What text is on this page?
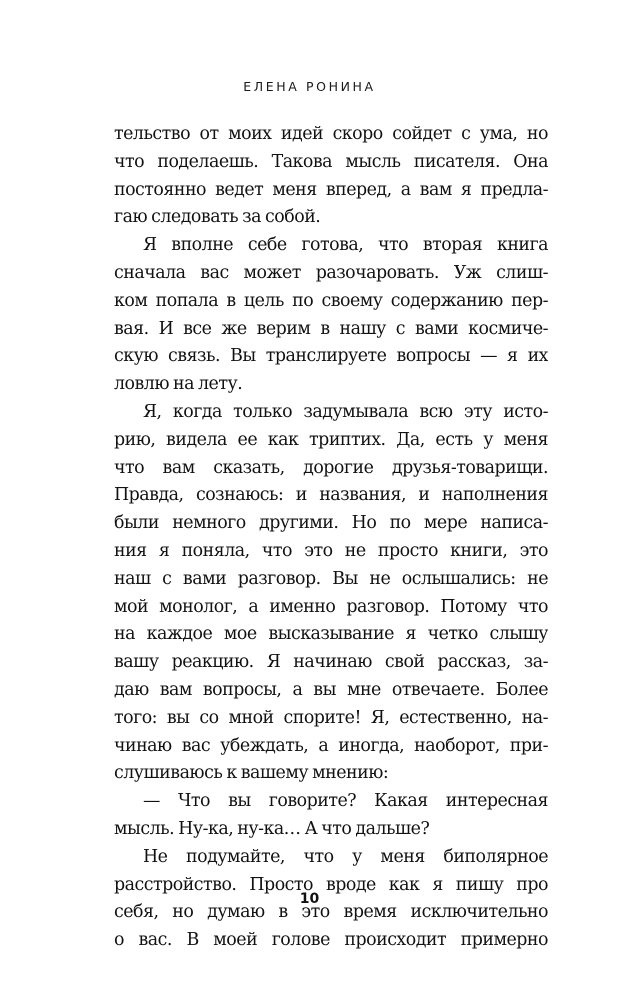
ЕЛЕНА РОНИНА
тельство от моих идей скоро сойдет с ума, но
что поделаешь. Такова мысль писателя. Она
постоянно ведет меня вперед, а вам я предла-
гаю следовать за собой.
Я вполне себе готова, что вторая книга
сначала вас может разочаровать. Уж слиш-
ком попала в цель по своему содержанию пер-
вая. И все же верим в нашу с вами космиче-
скую связь. Вы транслируете вопросы — я их
ловлю на лету.
Я, когда только задумывала всю эту исто-
рию, видела ее как триптих. Да, есть у меня
что вам сказать, дорогие друзья-товарищи.
Правда, сознаюсь: и названия, и наполнения
были немного другими. Но по мере написа-
ния я поняла, что это не просто книги, это
наш с вами разговор. Вы не ослышались: не
мой монолог, а именно разговор. Потому что
на каждое мое высказывание я четко слышу
вашу реакцию. Я начинаю свой рассказ, за-
даю вам вопросы, а вы мне отвечаете. Более
того: вы со мной спорите! Я, естественно, на-
чинаю вас убеждать, а иногда, наоборот, при-
слушиваюсь к вашему мнению:
— Что вы говорите? Какая интересная
мысль. Ну-ка, ну-ка… А что дальше?
Не подумайте, что у меня биполярное
расстройство. Просто вроде как я пишу про
себя, но думаю в это время исключительно
о вас. В моей голове происходит примерно
10
